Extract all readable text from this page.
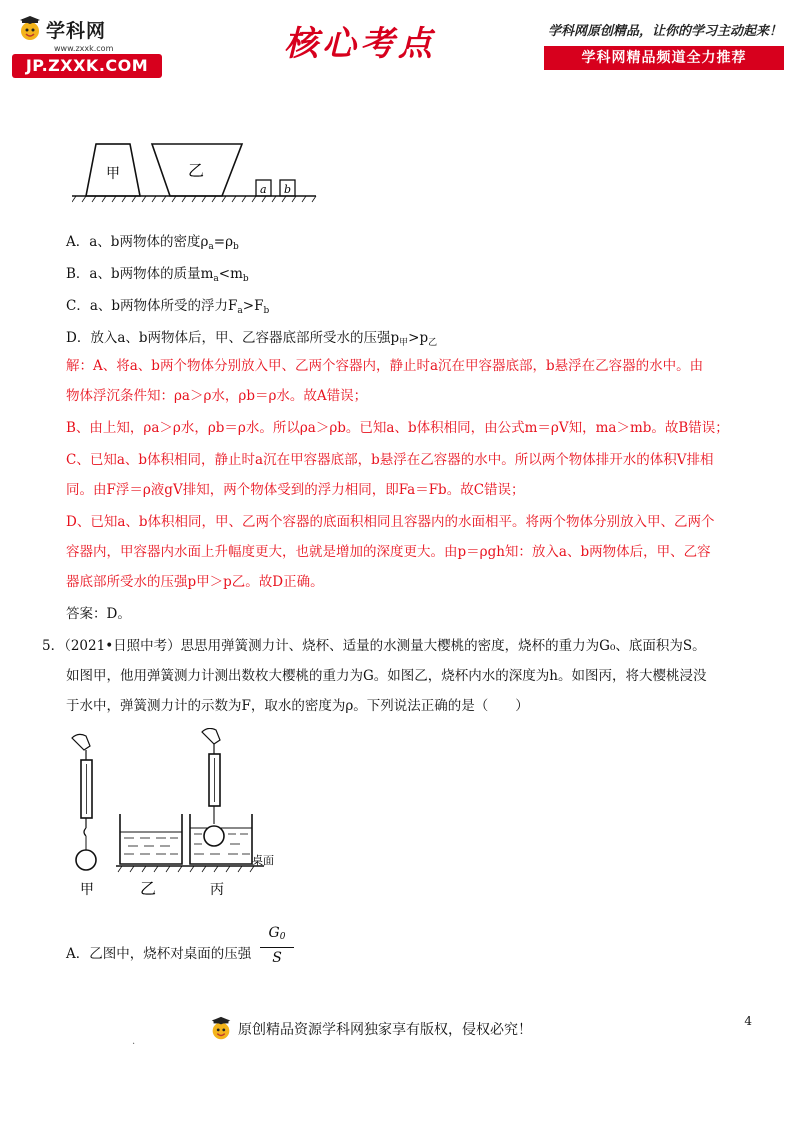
学科网
www.zxxk.com
JP.ZXXK.COM
核心考点	学科网原创精品，让你的学习主动起来！
学科网精品频道全力推荐
甲	乙
a b
A．a、b两物体的密度$\rho_a=\rho_b$
B．a、b两物体的质量$m_a<m_b$
C．a、b两物体所受的浮力$F_a>F_b$
D．放入a、b两物体后，甲、乙容器底部所受水的压强$p_甲>p_乙$
解：A、将a、b两个物体分别放入甲、乙两个容器内，静止时a沉在甲容器底部，b悬浮在乙容器的水中。由
物体浮沉条件知：ρa＞ρ水，ρb＝ρ水。故A错误；
B、由上知，ρa＞ρ水，ρb＝ρ水。所以ρa＞ρb。已知a、b体积相同，由公式m＝ρV知，ma＞mb。故B错误；
C、已知a、b体积相同，静止时a沉在甲容器底部，b悬浮在乙容器的水中。所以两个物体排开水的体积V排相
同。由F浮＝ρ液gV排知，两个物体受到的浮力相同，即Fa＝Fb。故C错误；
D、已知a、b体积相同，甲、乙两个容器的底面积相同且容器内的水面相平。将两个物体分别放入甲、乙两个
容器内，甲容器内水面上升幅度更大，也就是增加的深度更大。由p＝ρgh知：放入a、b两物体后，甲、乙容
器底部所受水的压强p甲＞p乙。故D正确。
答案：D。
5．（2021•日照中考）思思用弹簧测力计、烧杯、适量的水测量大樱桃的密度，烧杯的重力为G₀、底面积为S。
如图甲，他用弹簧测力计测出数枚大樱桃的重力为G。如图乙，烧杯内水的深度为h。如图丙，将大樱桃浸没
于水中，弹簧测力计的示数为F，取水的密度为ρ。下列说法正确的是（　　）
桌面
甲	乙	丙
A．乙图中，烧杯对桌面的压强
G0
S
4
.
原创精品资源学科网独家享有版权，侵权必究！
